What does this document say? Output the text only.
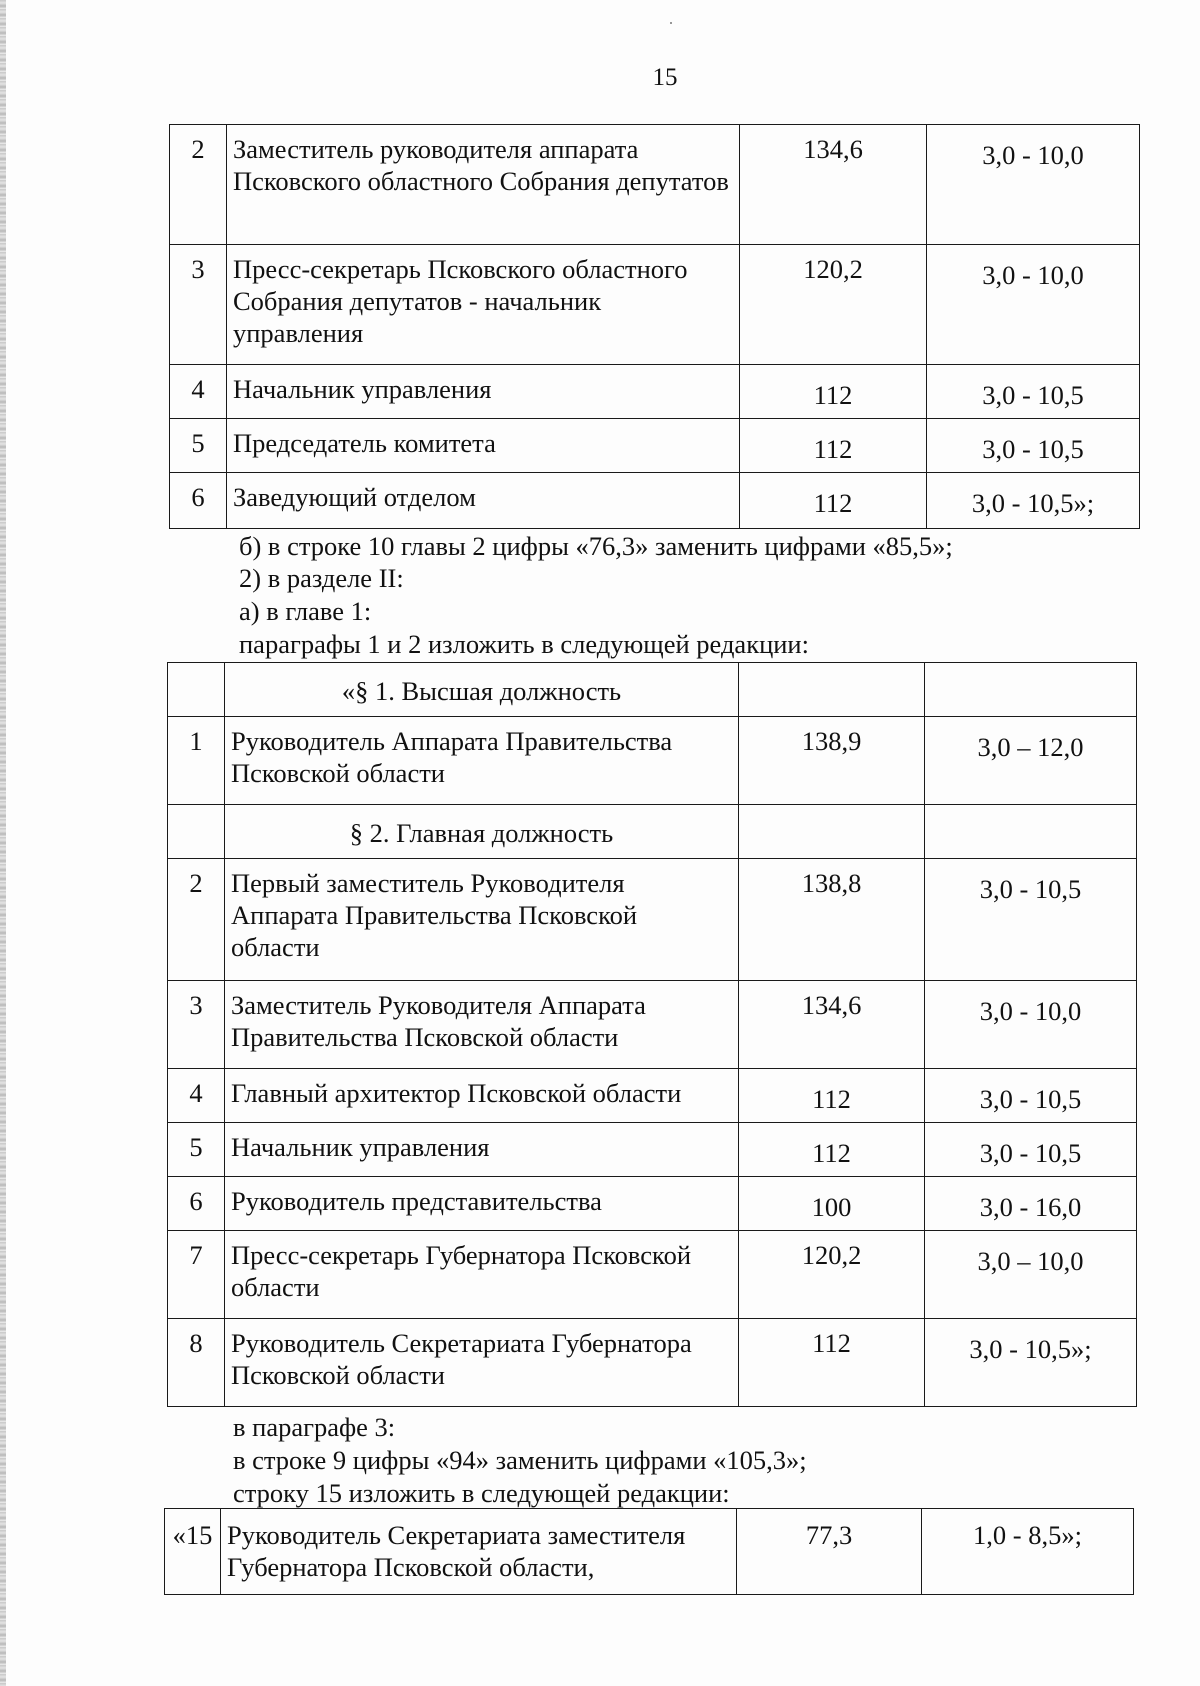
15
2	Заместитель руководителя аппарата Псковского областного Собрания депутатов	134,6	3,0 - 10,0
3	Пресс-секретарь Псковского областного Собрания депутатов - начальник управления	120,2	3,0 - 10,0
4	Начальник управления	112	3,0 - 10,5
5	Председатель комитета	112	3,0 - 10,5
6	Заведующий отделом	112	3,0 - 10,5»;
б) в строке 10 главы 2 цифры «76,3» заменить цифрами «85,5»;
2) в разделе II:
а) в главе 1:
параграфы 1 и 2 изложить в следующей редакции:
	«§ 1. Высшая должность		
1	Руководитель Аппарата Правительства Псковской области	138,9	3,0 – 12,0
	§ 2. Главная должность		
2	Первый заместитель Руководителя Аппарата Правительства Псковской области	138,8	3,0 - 10,5
3	Заместитель Руководителя Аппарата Правительства Псковской области	134,6	3,0 - 10,0
4	Главный архитектор Псковской области	112	3,0 - 10,5
5	Начальник управления	112	3,0 - 10,5
6	Руководитель представительства	100	3,0 - 16,0
7	Пресс-секретарь Губернатора Псковской области	120,2	3,0 – 10,0
8	Руководитель Секретариата Губернатора Псковской области	112	3,0 - 10,5»;
в параграфе 3:
в строке 9 цифры «94» заменить цифрами «105,3»;
строку 15 изложить в следующей редакции:
«15	Руководитель Секретариата заместителя Губернатора Псковской области,	77,3	1,0 - 8,5»;
